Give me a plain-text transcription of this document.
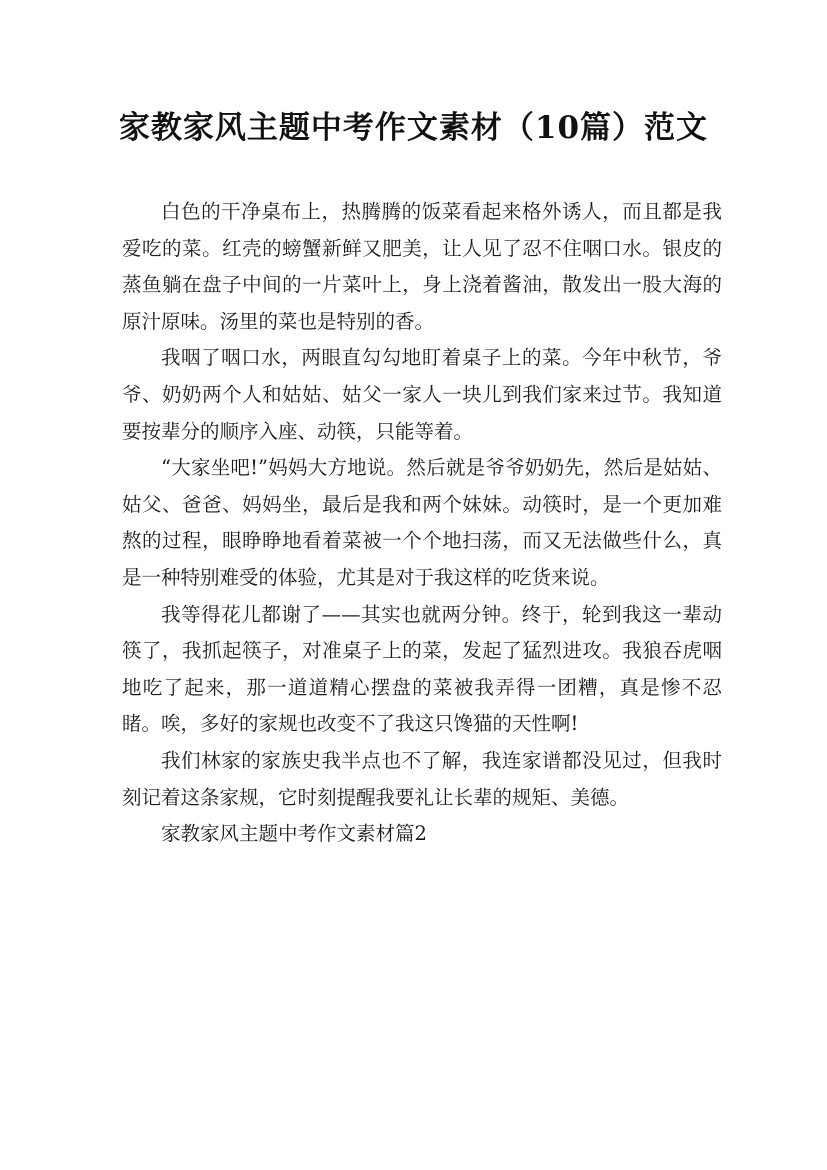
家教家风主题中考作文素材（10篇）范文

白色的干净桌布上，热腾腾的饭菜看起来格外诱人，而且都是我爱吃的菜。红壳的螃蟹新鲜又肥美，让人见了忍不住咽口水。银皮的蒸鱼躺在盘子中间的一片菜叶上，身上浇着酱油，散发出一股大海的原汁原味。汤里的菜也是特别的香。

我咽了咽口水，两眼直勾勾地盯着桌子上的菜。今年中秋节，爷爷、奶奶两个人和姑姑、姑父一家人一块儿到我们家来过节。我知道要按辈分的顺序入座、动筷，只能等着。

“大家坐吧!”妈妈大方地说。然后就是爷爷奶奶先，然后是姑姑、姑父、爸爸、妈妈坐，最后是我和两个妹妹。动筷时，是一个更加难熬的过程，眼睁睁地看着菜被一个个地扫荡，而又无法做些什么，真是一种特别难受的体验，尤其是对于我这样的吃货来说。

我等得花儿都谢了——其实也就两分钟。终于，轮到我这一辈动筷了，我抓起筷子，对准桌子上的菜，发起了猛烈进攻。我狼吞虎咽地吃了起来，那一道道精心摆盘的菜被我弄得一团糟，真是惨不忍睹。唉，多好的家规也改变不了我这只馋猫的天性啊!

我们林家的家族史我半点也不了解，我连家谱都没见过，但我时刻记着这条家规，它时刻提醒我要礼让长辈的规矩、美德。

家教家风主题中考作文素材篇2
